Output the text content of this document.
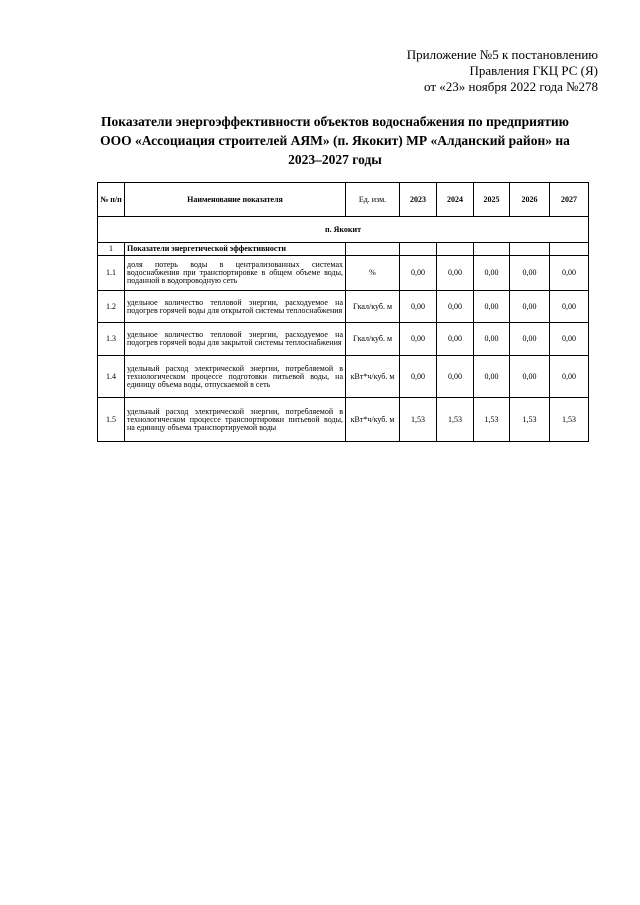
Приложение №5 к постановлению
Правления ГКЦ РС (Я)
от «23» ноября 2022 года №278
Показатели энергоэффективности объектов водоснабжения по предприятию
ООО «Ассоциация строителей АЯМ» (п. Якокит) МР «Алданский район» на
2023–2027 годы
№ п/п	Наименование показателя	Ед. изм.	2023	2024	2025	2026	2027
п. Якокит							
1	Показатели энергетической эффективности						
1.1	доля потерь воды в централизованных системах водоснабжения при транспортировке в общем объеме воды, поданной в водопроводную сеть	%	0,00	0,00	0,00	0,00	0,00
1.2	удельное количество тепловой энергии, расходуемое на подогрев горячей воды для открытой системы теплоснабжения	Гкал/куб. м	0,00	0,00	0,00	0,00	0,00
1.3	удельное количество тепловой энергии, расходуемое на подогрев горячей воды для закрытой системы теплоснабжения	Гкал/куб. м	0,00	0,00	0,00	0,00	0,00
1.4	удельный расход электрической энергии, потребляемой в технологическом процессе подготовки питьевой воды, на единицу объема воды, отпускаемой в сеть	кВт*ч/куб. м	0,00	0,00	0,00	0,00	0,00
1.5	удельный расход электрической энергии, потребляемой в технологическом процессе транспортировки питьевой воды, на единицу объема транспортируемой воды	кВт*ч/куб. м	1,53	1,53	1,53	1,53	1,53
